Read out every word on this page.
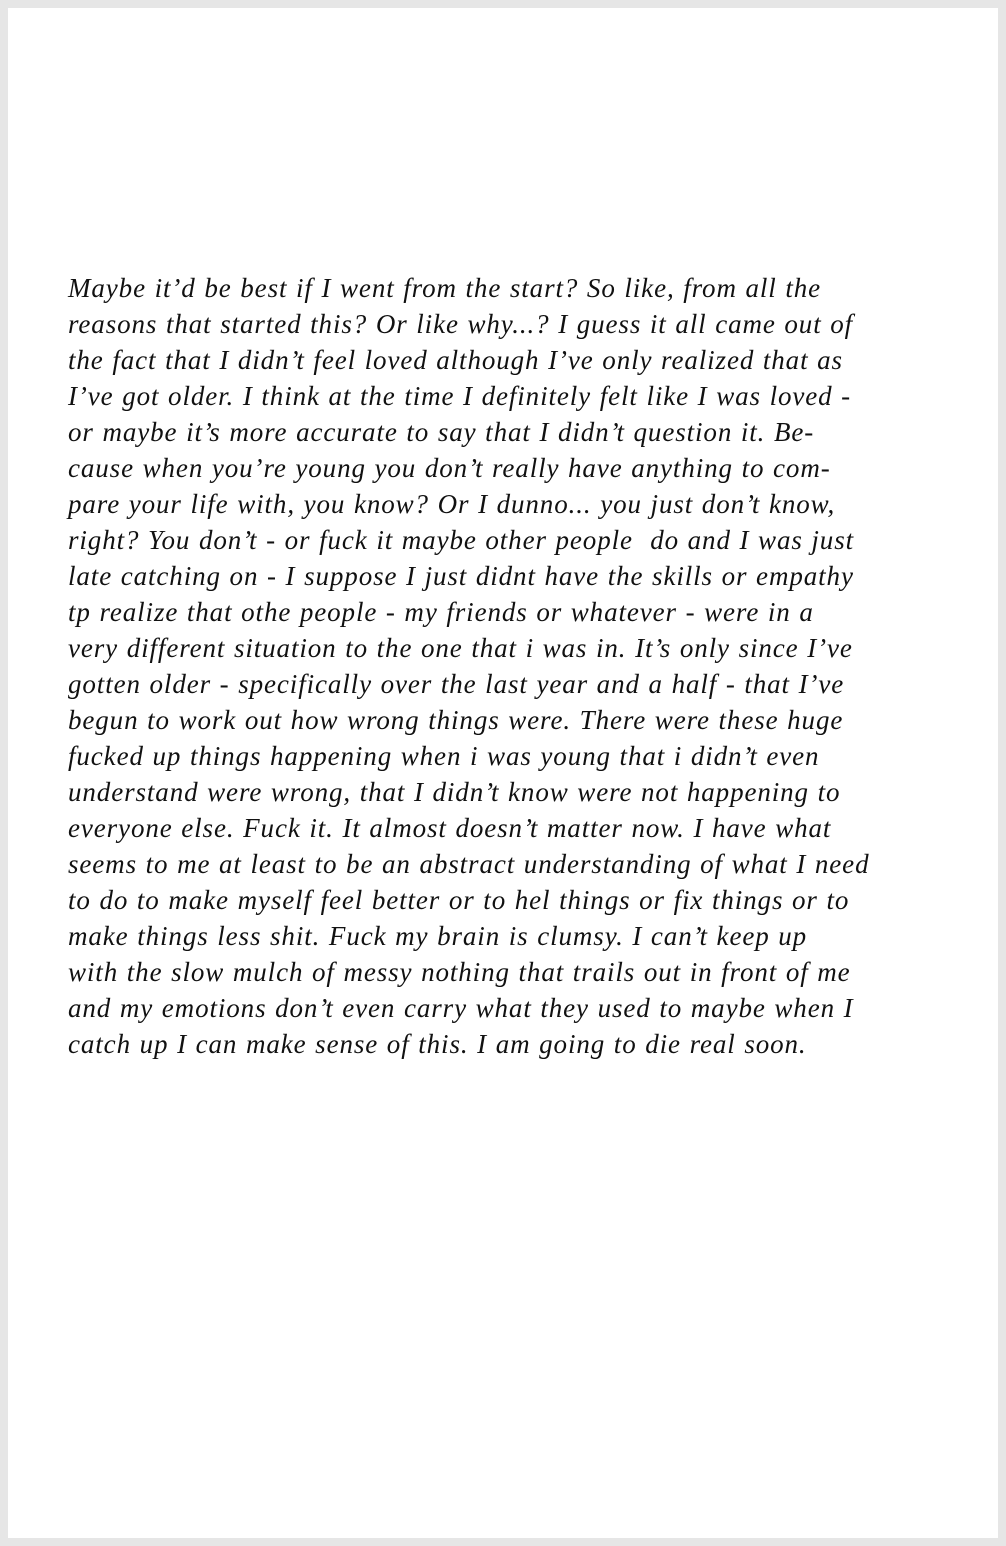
Maybe it’d be best if I went from the start? So like, from all the
reasons that started this? Or like why...? I guess it all came out of
the fact that I didn’t feel loved although I’ve only realized that as
I’ve got older. I think at the time I definitely felt like I was loved -
or maybe it’s more accurate to say that I didn’t question it. Be-
cause when you’re young you don’t really have anything to com-
pare your life with, you know? Or I dunno... you just don’t know,
right? You don’t - or fuck it maybe other people  do and I was just
late catching on - I suppose I just didnt have the skills or empathy
tp realize that othe people - my friends or whatever - were in a
very different situation to the one that i was in. It’s only since I’ve
gotten older - specifically over the last year and a half - that I’ve
begun to work out how wrong things were. There were these huge
fucked up things happening when i was young that i didn’t even
understand were wrong, that I didn’t know were not happening to
everyone else. Fuck it. It almost doesn’t matter now. I have what
seems to me at least to be an abstract understanding of what I need
to do to make myself feel better or to hel things or fix things or to
make things less shit. Fuck my brain is clumsy. I can’t keep up
with the slow mulch of messy nothing that trails out in front of me
and my emotions don’t even carry what they used to maybe when I
catch up I can make sense of this. I am going to die real soon.
